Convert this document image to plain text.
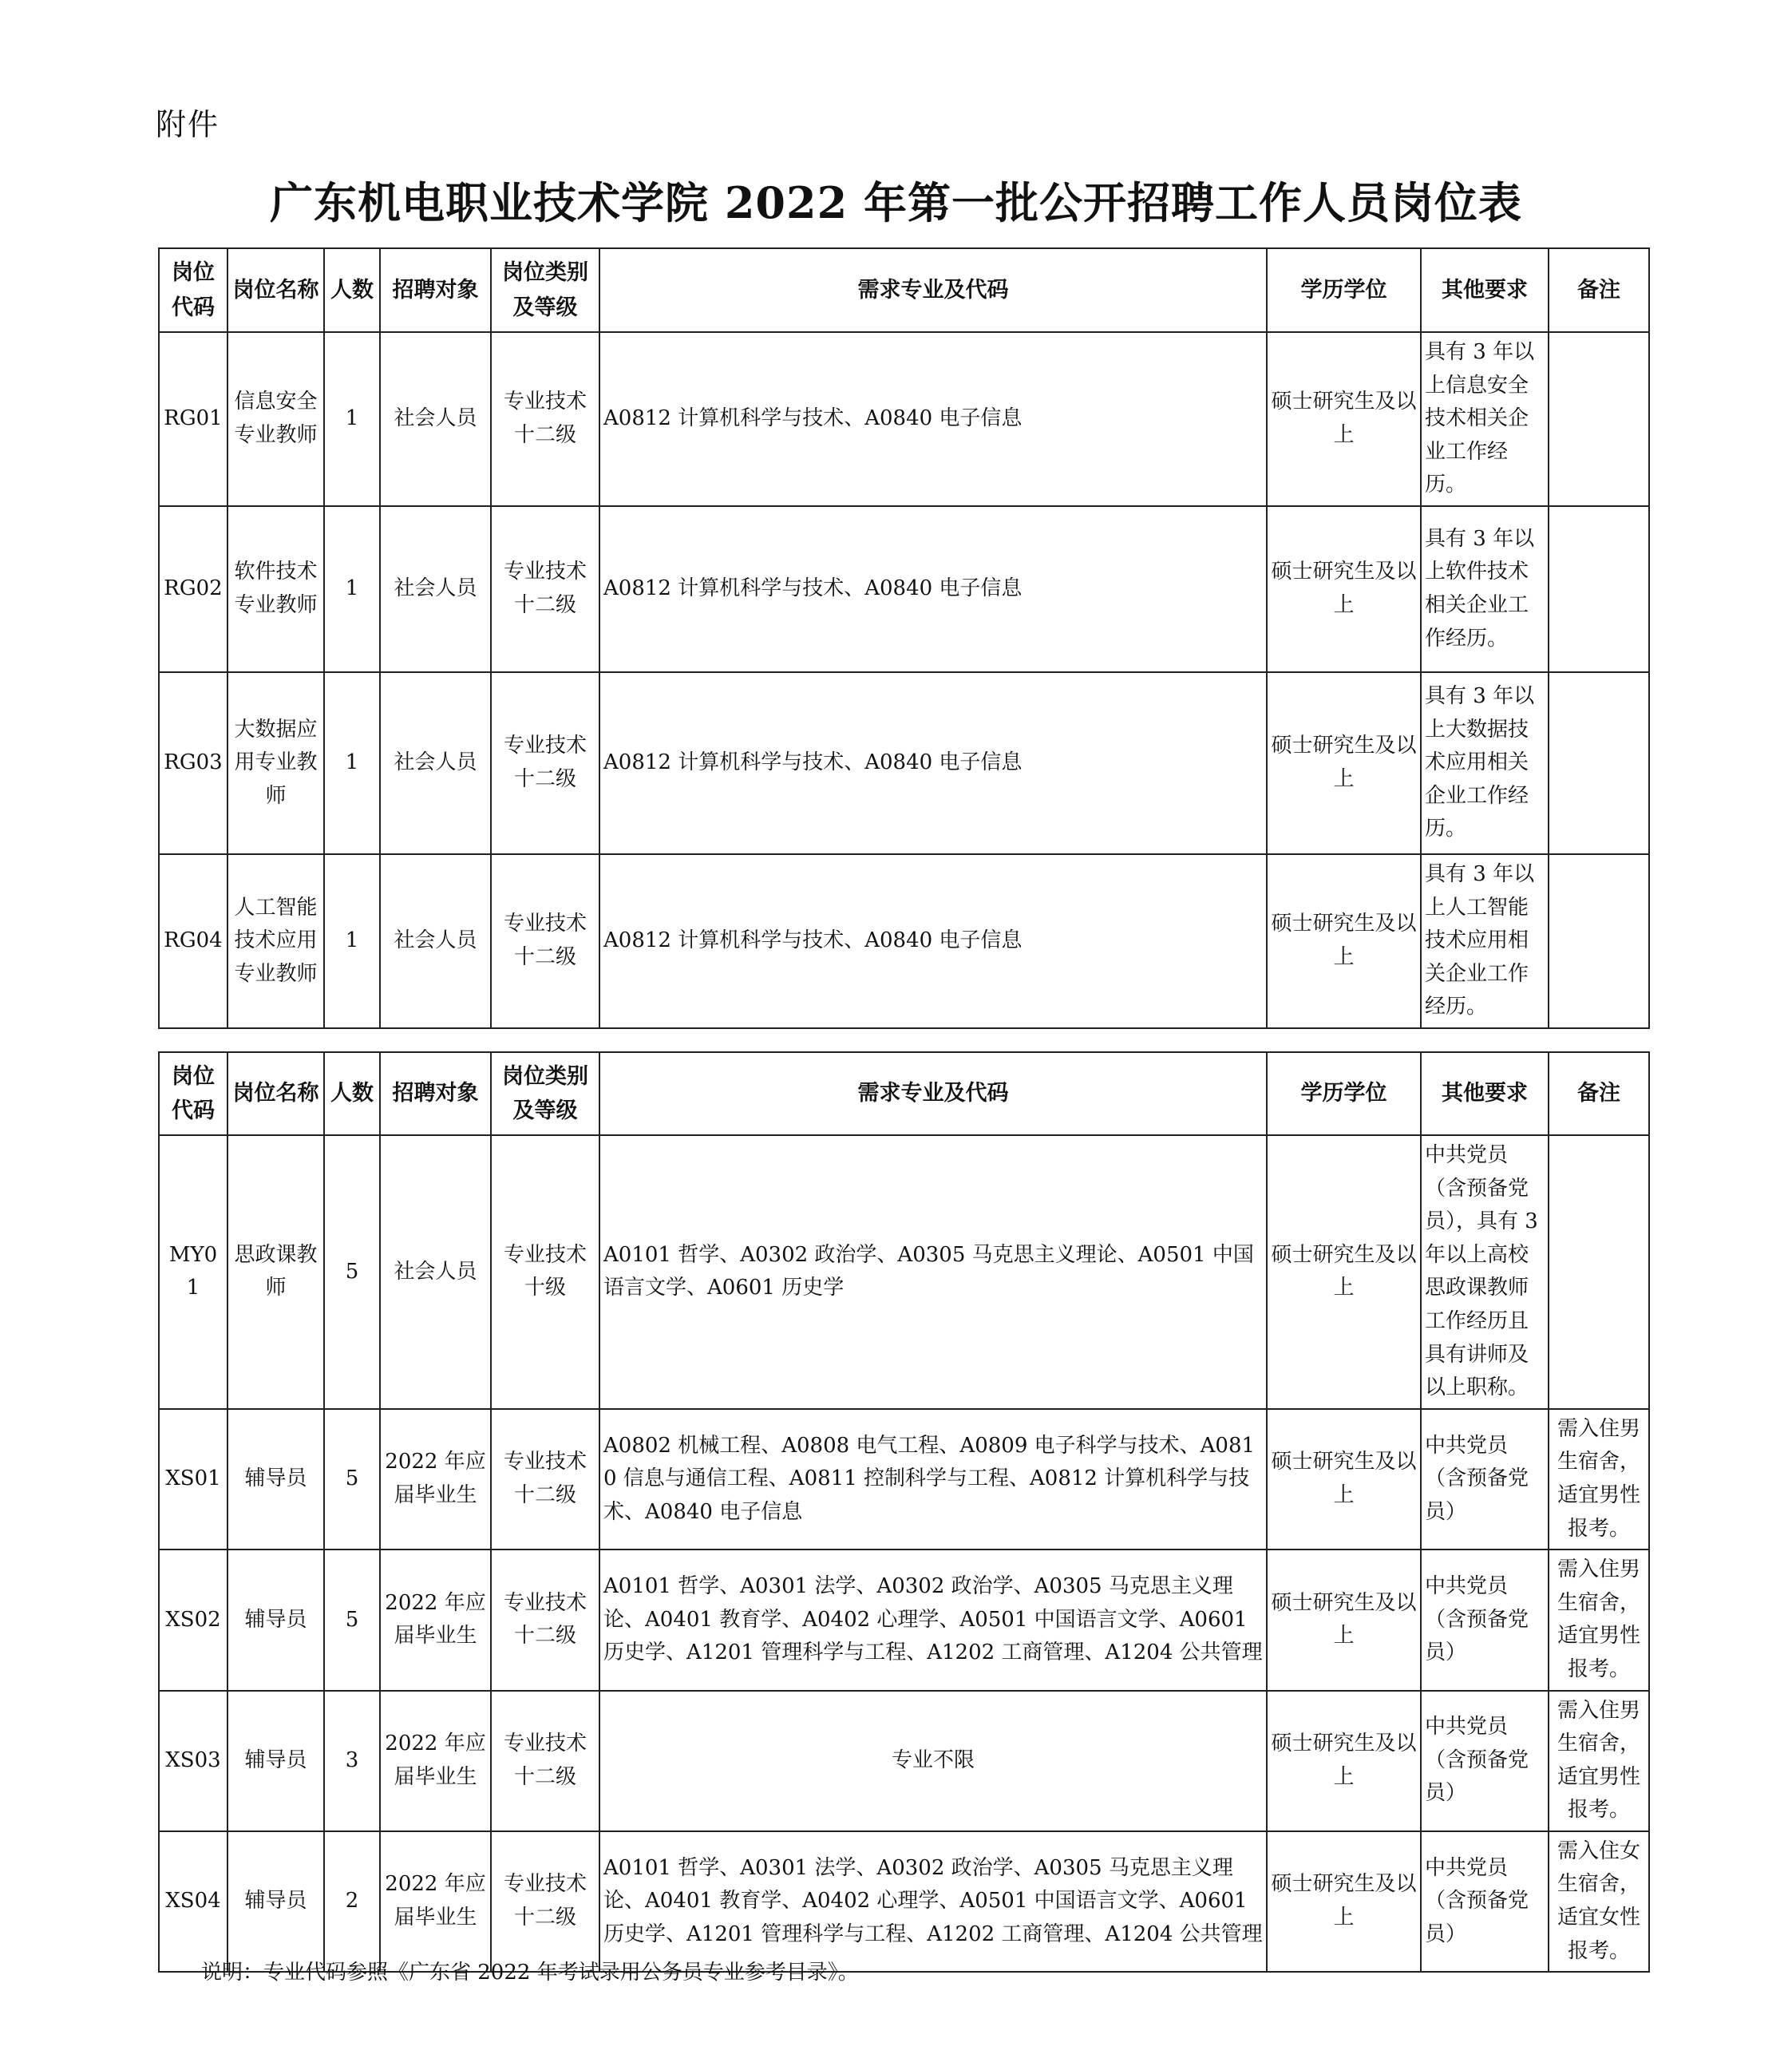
附件
广东机电职业技术学院 2022 年第一批公开招聘工作人员岗位表
岗位代码	岗位名称	人数	招聘对象	岗位类别及等级	需求专业及代码	学历学位	其他要求	备注
RG01	信息安全专业教师	1	社会人员	专业技术十二级	A0812 计算机科学与技术、A0840 电子信息	硕士研究生及以上	具有 3 年以上信息安全技术相关企业工作经历。	
RG02	软件技术专业教师	1	社会人员	专业技术十二级	A0812 计算机科学与技术、A0840 电子信息	硕士研究生及以上	具有 3 年以上软件技术相关企业工作经历。	
RG03	大数据应用专业教师	1	社会人员	专业技术十二级	A0812 计算机科学与技术、A0840 电子信息	硕士研究生及以上	具有 3 年以上大数据技术应用相关企业工作经历。	
RG04	人工智能技术应用专业教师	1	社会人员	专业技术十二级	A0812 计算机科学与技术、A0840 电子信息	硕士研究生及以上	具有 3 年以上人工智能技术应用相关企业工作经历。	
岗位代码	岗位名称	人数	招聘对象	岗位类别及等级	需求专业及代码	学历学位	其他要求	备注
MY01	思政课教师	5	社会人员	专业技术十级	A0101 哲学、A0302 政治学、A0305 马克思主义理论、A0501 中国语言文学、A0601 历史学	硕士研究生及以上	中共党员（含预备党员），具有 3 年以上高校思政课教师工作经历且具有讲师及以上职称。	
XS01	辅导员	5	2022 年应届毕业生	专业技术十二级	A0802 机械工程、A0808 电气工程、A0809 电子科学与技术、A0810 信息与通信工程、A0811 控制科学与工程、A0812 计算机科学与技术、A0840 电子信息	硕士研究生及以上	中共党员（含预备党员）	需入住男生宿舍，适宜男性报考。
XS02	辅导员	5	2022 年应届毕业生	专业技术十二级	A0101 哲学、A0301 法学、A0302 政治学、A0305 马克思主义理论、A0401 教育学、A0402 心理学、A0501 中国语言文学、A0601 历史学、A1201 管理科学与工程、A1202 工商管理、A1204 公共管理	硕士研究生及以上	中共党员（含预备党员）	需入住男生宿舍，适宜男性报考。
XS03	辅导员	3	2022 年应届毕业生	专业技术十二级	专业不限	硕士研究生及以上	中共党员（含预备党员）	需入住男生宿舍，适宜男性报考。
XS04	辅导员	2	2022 年应届毕业生	专业技术十二级	A0101 哲学、A0301 法学、A0302 政治学、A0305 马克思主义理论、A0401 教育学、A0402 心理学、A0501 中国语言文学、A0601 历史学、A1201 管理科学与工程、A1202 工商管理、A1204 公共管理	硕士研究生及以上	中共党员（含预备党员）	需入住女生宿舍，适宜女性报考。
说明：专业代码参照《广东省 2022 年考试录用公务员专业参考目录》。
